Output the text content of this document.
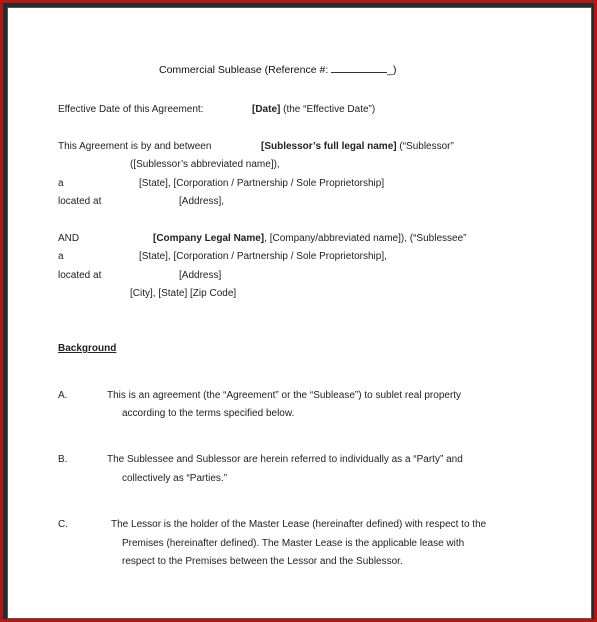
Commercial Sublease (Reference #:	_)
Effective Date of this Agreement:	[Date] (the “Effective Date”)
This Agreement is by and between	[Sublessor’s full legal name] (“Sublessor”
([Sublessor’s abbreviated name]),
a	[State], [Corporation / Partnership / Sole Proprietorship]
located at	[Address],
AND	[Company Legal Name], [Company/abbreviated name]), (“Sublessee”
a	[State], [Corporation / Partnership / Sole Proprietorship],
located at	[Address]
[City], [State] [Zip Code]
Background
A.	This is an agreement (the “Agreement” or the “Sublease”) to sublet real property
according to the terms specified below.
B.	The Sublessee and Sublessor are herein referred to individually as a “Party” and
collectively as “Parties.”
C.	The Lessor is the holder of the Master Lease (hereinafter defined) with respect to the
Premises (hereinafter defined). The Master Lease is the applicable lease with
respect to the Premises between the Lessor and the Sublessor.
